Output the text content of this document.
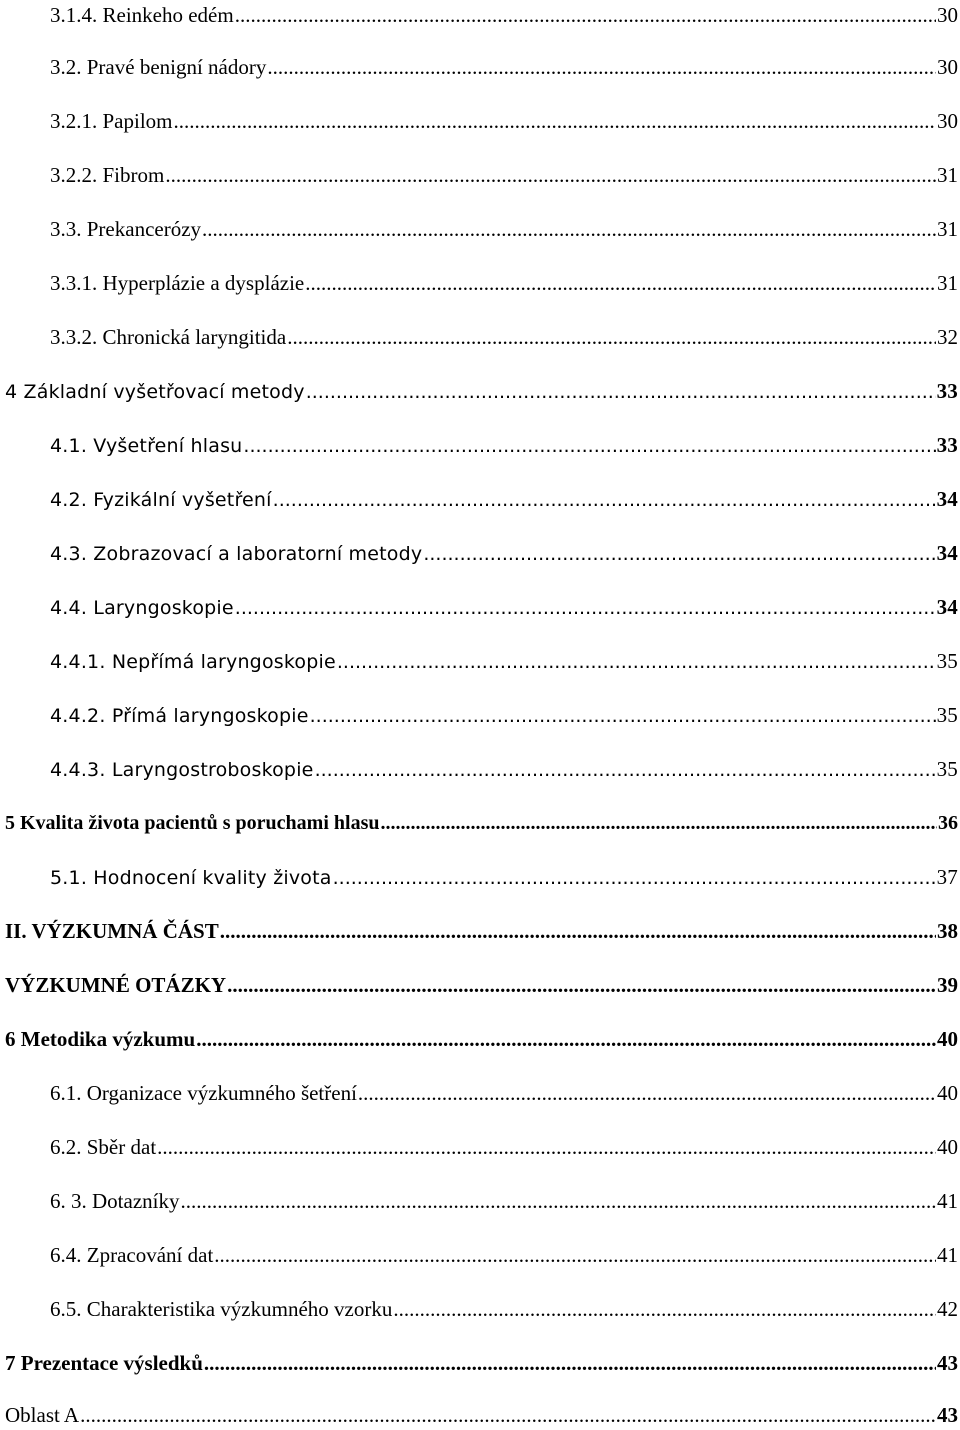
3.1.4. Reinkeho edém .....	30
3.2. Pravé benigní nádory .....	30
3.2.1. Papilom .....	30
3.2.2. Fibrom .....	31
3.3. Prekancerózy .....	31
3.3.1. Hyperplázie a dysplázie .....	31
3.3.2. Chronická laryngitida .....	32
4 Základní vyšetřovací metody .....	33
4.1. Vyšetření hlasu .....	33
4.2. Fyzikální vyšetření .....	34
4.3. Zobrazovací a laboratorní metody .....	34
4.4. Laryngoskopie .....	34
4.4.1. Nepřímá laryngoskopie .....	35
4.4.2. Přímá laryngoskopie .....	35
4.4.3. Laryngostroboskopie .....	35
5 Kvalita života pacientů s poruchami hlasu .....	36
5.1. Hodnocení kvality života .....	37
II. VÝZKUMNÁ ČÁST .....	38
VÝZKUMNÉ OTÁZKY .....	39
6 Metodika výzkumu .....	40
6.1. Organizace výzkumného šetření .....	40
6.2. Sběr dat .....	40
6. 3. Dotazníky .....	41
6.4. Zpracování dat .....	41
6.5. Charakteristika výzkumného vzorku .....	42
7 Prezentace výsledků .....	43
Oblast A .....	43
